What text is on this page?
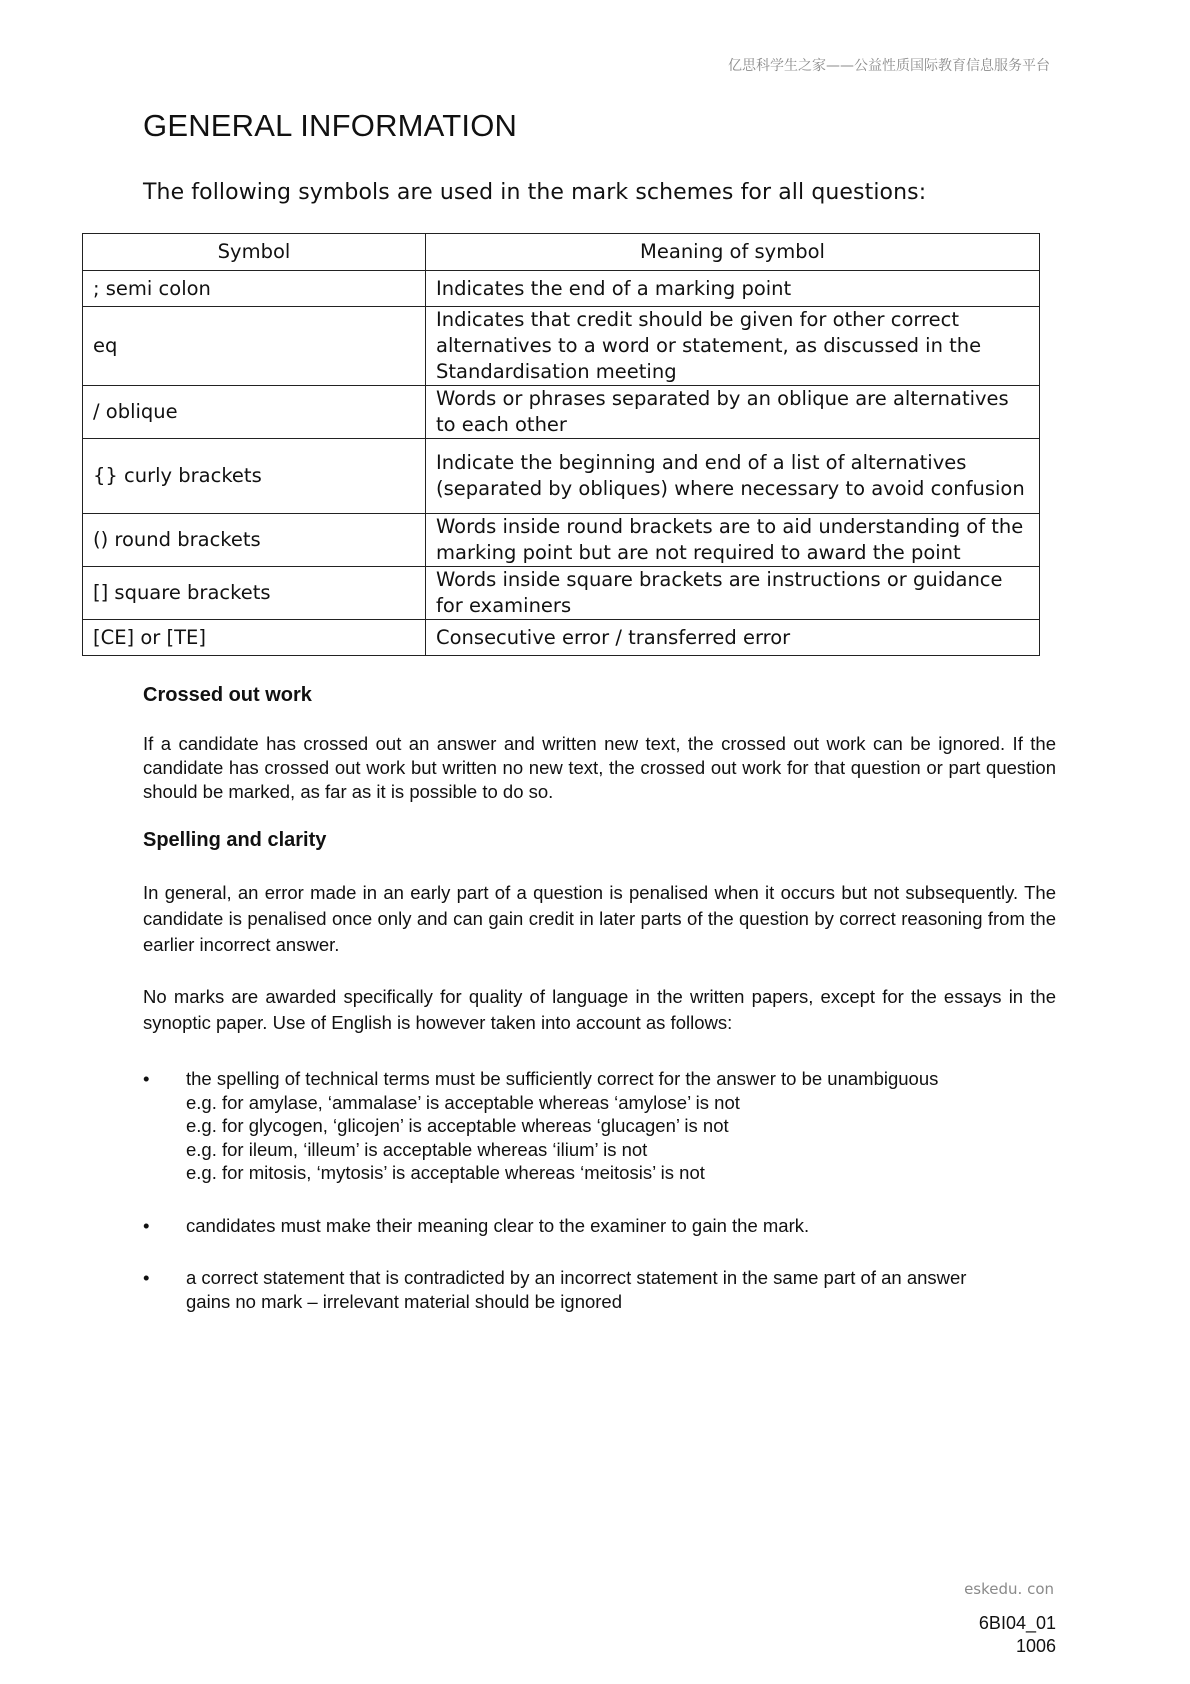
亿思科学生之家——公益性质国际教育信息服务平台
GENERAL INFORMATION
The following symbols are used in the mark schemes for all questions:
Symbol	Meaning of symbol
; semi colon	Indicates the end of a marking point
eq	Indicates that credit should be given for other correct alternatives to a word or statement, as discussed in the Standardisation meeting
/ oblique	Words or phrases separated by an oblique are alternatives to each other
{} curly brackets	Indicate the beginning and end of a list of alternatives (separated by obliques) where necessary to avoid confusion
() round brackets	Words inside round brackets are to aid understanding of the marking point but are not required to award the point
[] square brackets	Words inside square brackets are instructions or guidance for examiners
[CE] or [TE]	Consecutive error / transferred error
Crossed out work
If a candidate has crossed out an answer and written new text, the crossed out work can be ignored. If the candidate has crossed out work but written no new text, the crossed out work for that question or part question should be marked, as far as it is possible to do so.
Spelling and clarity
In general, an error made in an early part of a question is penalised when it occurs but not subsequently. The candidate is penalised once only and can gain credit in later parts of the question by correct reasoning from the earlier incorrect answer.
No marks are awarded specifically for quality of language in the written papers, except for the essays in the synoptic paper. Use of English is however taken into account as follows:
• the spelling of technical terms must be sufficiently correct for the answer to be unambiguous
e.g. for amylase, ‘ammalase’ is acceptable whereas ‘amylose’ is not
e.g. for glycogen, ‘glicojen’ is acceptable whereas ‘glucagen’ is not
e.g. for ileum, ‘illeum’ is acceptable whereas ‘ilium’ is not
e.g. for mitosis, ‘mytosis’ is acceptable whereas ‘meitosis’ is not
• candidates must make their meaning clear to the examiner to gain the mark.
• a correct statement that is contradicted by an incorrect statement in the same part of an answer
gains no mark – irrelevant material should be ignored
eskedu. con
6BI04_01
1006
